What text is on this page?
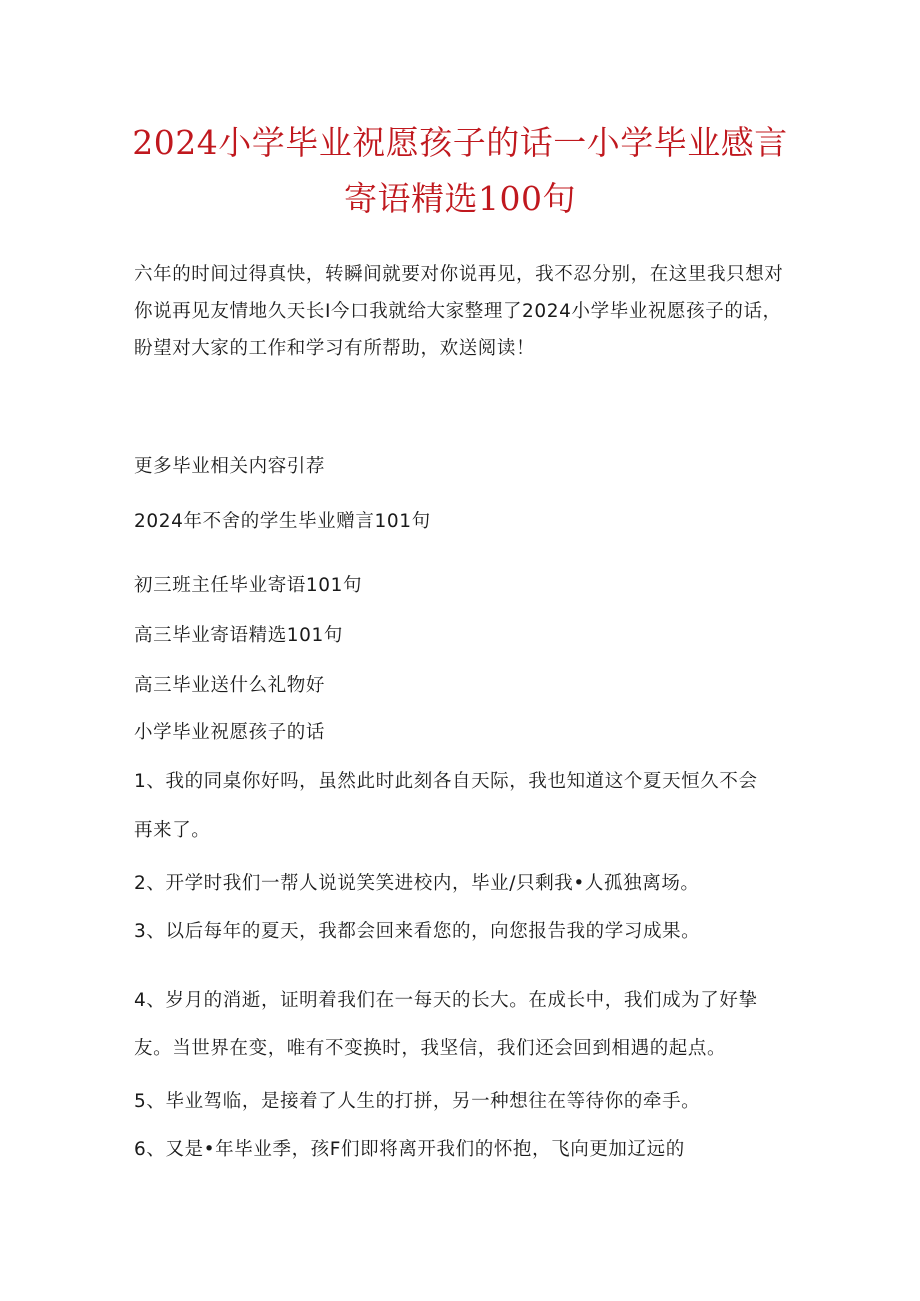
2024小学毕业祝愿孩子的话一小学毕业感言
寄语精选100句

六年的时间过得真快，转瞬间就要对你说再见，我不忍分别，在这里我只想对你说再见友情地久天长I今口我就给大家整理了2024小学毕业祝愿孩子的话，盼望对大家的工作和学习有所帮助，欢送阅读！

更多毕业相关内容引荐
2024年不舍的学生毕业赠言101句
初三班主任毕业寄语101句
高三毕业寄语精选101句
高三毕业送什么礼物好
小学毕业祝愿孩子的话
1、我的同桌你好吗，虽然此时此刻各自天际，我也知道这个夏天恒久不会
再来了。
2、开学时我们一帮人说说笑笑进校内，毕业/只剩我•人孤独离场。
3、以后每年的夏天，我都会回来看您的，向您报告我的学习成果。
4、岁月的消逝，证明着我们在一每天的长大。在成长中，我们成为了好挚
友。当世界在变，唯有不变换时，我坚信，我们还会回到相遇的起点。
5、毕业驾临，是接着了人生的打拼，另一种想往在等待你的牵手。
6、又是•年毕业季，孩F们即将离开我们的怀抱，飞向更加辽远的
